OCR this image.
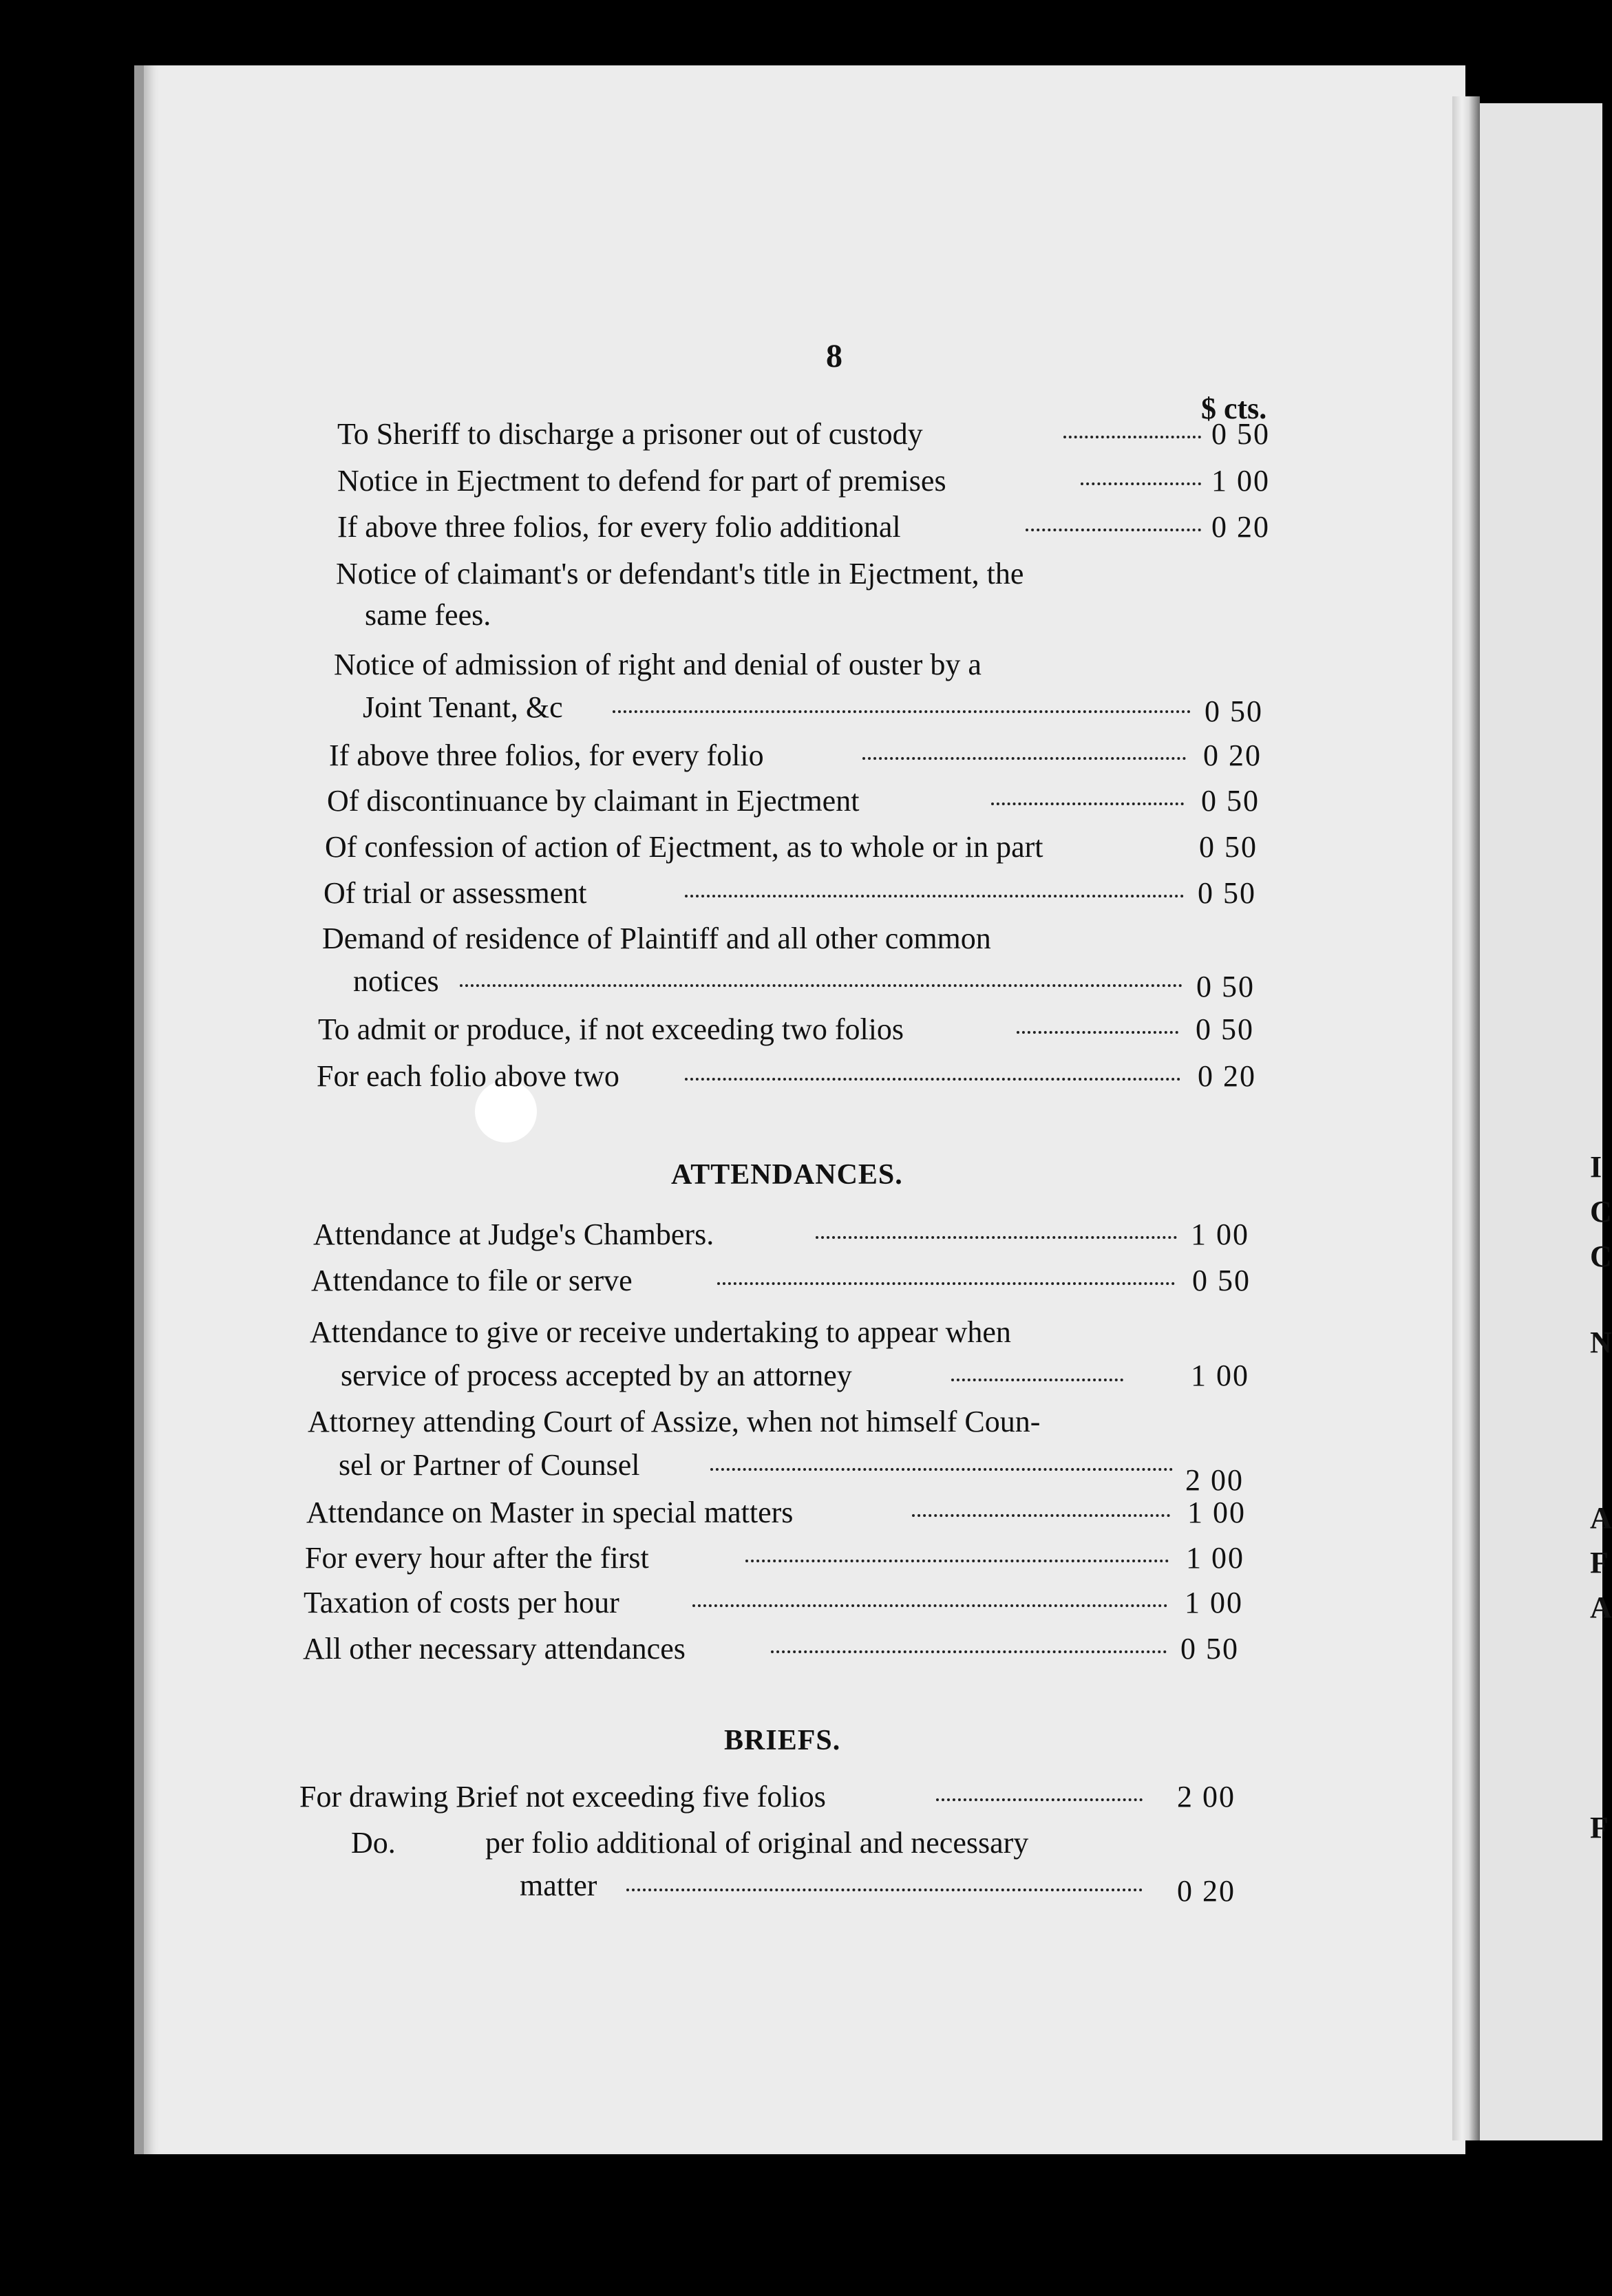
I
C
C
N
A
F
A
F
8
$ cts.
To Sheriff to discharge a prisoner out of custody	0 50
Notice in Ejectment to defend for part of premises	1 00
If above three folios, for every folio additional	0 20
Notice of claimant's or defendant's title in Ejectment, the
same fees.
Notice of admission of right and denial of ouster by a
Joint Tenant, &c	0 50
If above three folios, for every folio	0 20
Of discontinuance by claimant in Ejectment	0 50
Of confession of action of Ejectment, as to whole or in part	0 50
Of trial or assessment	0 50
Demand of residence of Plaintiff and all other common
notices	0 50
To admit or produce, if not exceeding two folios	0 50
For each folio above two	0 20
ATTENDANCES.
Attendance at Judge's Chambers.	1 00
Attendance to file or serve	0 50
Attendance to give or receive undertaking to appear when
service of process accepted by an attorney	1 00
Attorney attending Court of Assize, when not himself Coun-
sel or Partner of Counsel	2 00
Attendance on Master in special matters	1 00
For every hour after the first	1 00
Taxation of costs per hour	1 00
All other necessary attendances	0 50
BRIEFS.
For drawing Brief not exceeding five folios	2 00
Do.	per folio additional of original and necessary
matter	0 20
